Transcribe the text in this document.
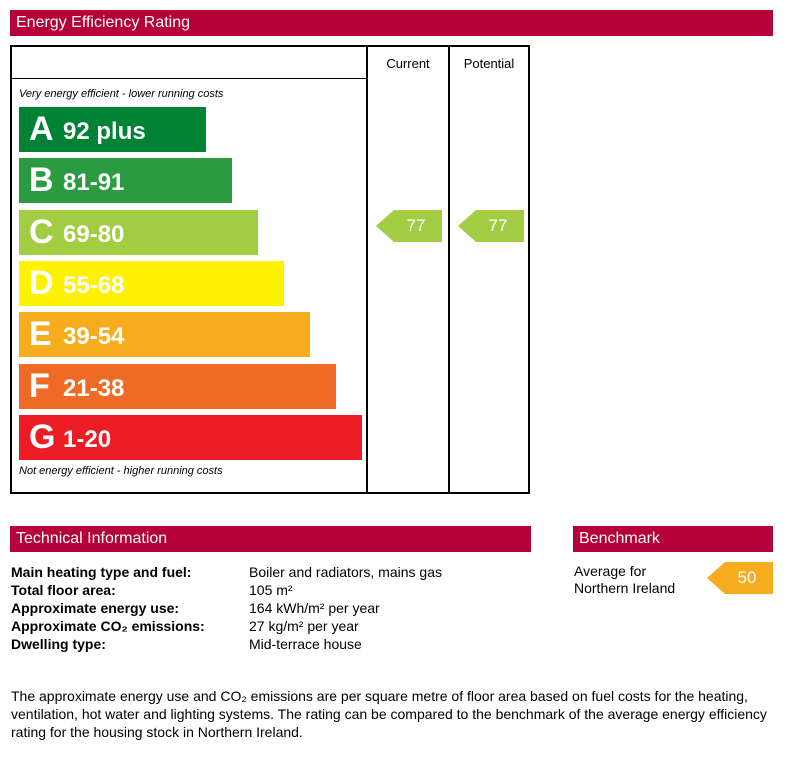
Energy Efficiency Rating
Current	Potential
Very energy efficient - lower running costs
A 92 plus
B 81-91
C 69-80
D 55-68
E 39-54
F 21-38
G 1-20
Not energy efficient - higher running costs
77	77
Technical Information
Main heating type and fuel:	Boiler and radiators, mains gas
Total floor area:	105 m²
Approximate energy use:	164 kWh/m² per year
Approximate CO₂ emissions:	27 kg/m² per year
Dwelling type:	Mid-terrace house
Benchmark
Average for
Northern Ireland
50
The approximate energy use and CO₂ emissions are per square metre of floor area based on fuel costs for the heating, ventilation, hot water and lighting systems. The rating can be compared to the benchmark of the average energy efficiency rating for the housing stock in Northern Ireland.
